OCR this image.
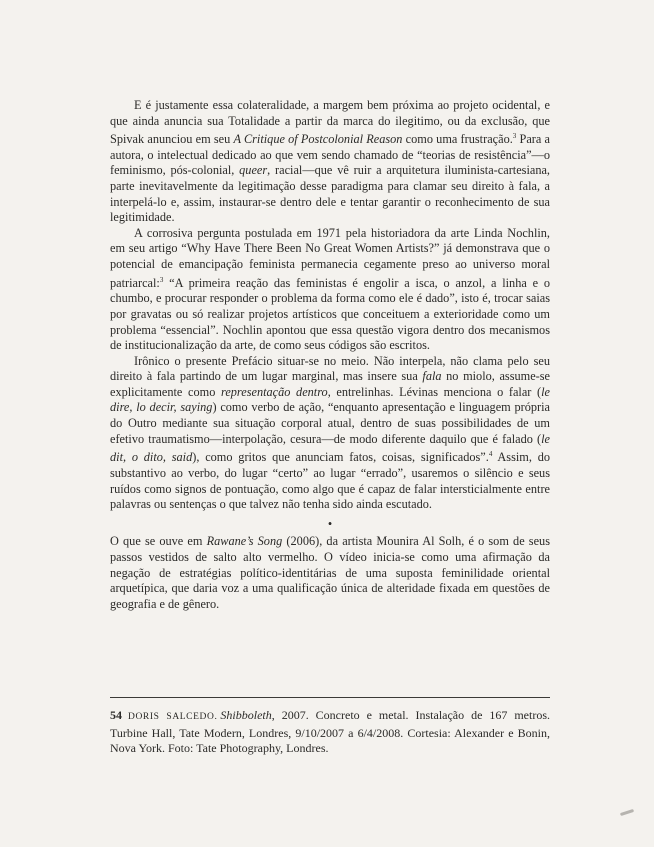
E é justamente essa colateralidade, a margem bem próxima ao projeto ocidental, e que ainda anuncia sua Totalidade a partir da marca do ilegitimo, ou da exclusão, que Spivak anunciou em seu A Critique of Postcolonial Reason como uma frustração.$^3$ Para a autora, o intelectual dedicado ao que vem sendo chamado de “teorias de resistência”—o feminismo, pós-colonial, queer, racial—que vê ruir a arquitetura iluminista-cartesiana, parte inevitavelmente da legitimação desse paradigma para clamar seu direito à fala, a interpelá-lo e, assim, instaurar-se dentro dele e tentar garantir o reconhecimento de sua legitimidade.

A corrosiva pergunta postulada em 1971 pela historiadora da arte Linda Nochlin, em seu artigo “Why Have There Been No Great Women Artists?” já demonstrava que o potencial de emancipação feminista permanecia cegamente preso ao universo moral patriarcal:$^3$ “A primeira reação das feministas é engolir a isca, o anzol, a linha e o chumbo, e procurar responder o problema da forma como ele é dado”, isto é, trocar saias por gravatas ou só realizar projetos artísticos que conceituem a exterioridade como um problema “essencial”. Nochlin apontou que essa questão vigora dentro dos mecanismos de institucionalização da arte, de como seus códigos são escritos.

Irônico o presente Prefácio situar-se no meio. Não interpela, não clama pelo seu direito à fala partindo de um lugar marginal, mas insere sua fala no miolo, assume-se explicitamente como representação dentro, entrelinhas. Lévinas menciona o falar (le dire, lo decir, saying) como verbo de ação, “enquanto apresentação e linguagem própria do Outro mediante sua situação corporal atual, dentro de suas possibilidades de um efetivo traumatismo—interpolação, cesura—de modo diferente daquilo que é falado (le dit, o dito, said), como gritos que anunciam fatos, coisas, significados”.$^4$ Assim, do substantivo ao verbo, do lugar “certo” ao lugar “errado”, usaremos o silêncio e seus ruídos como signos de pontuação, como algo que é capaz de falar intersticialmente entre palavras ou sentenças o que talvez não tenha sido ainda escutado.

•

O que se ouve em Rawane’s Song (2006), da artista Mounira Al Solh, é o som de seus passos vestidos de salto alto vermelho. O vídeo inicia-se como uma afirmação da negação de estratégias político-identitárias de uma suposta feminilidade oriental arquetípica, que daria voz a uma qualificação única de alteridade fixada em questões de geografia e de gênero.

54 DORIS SALCEDO. Shibboleth, 2007. Concreto e metal. Instalação de 167 metros. Turbine Hall, Tate Modern, Londres, 9/10/2007 a 6/4/2008. Cortesia: Alexander e Bonin, Nova York. Foto: Tate Photography, Londres.
